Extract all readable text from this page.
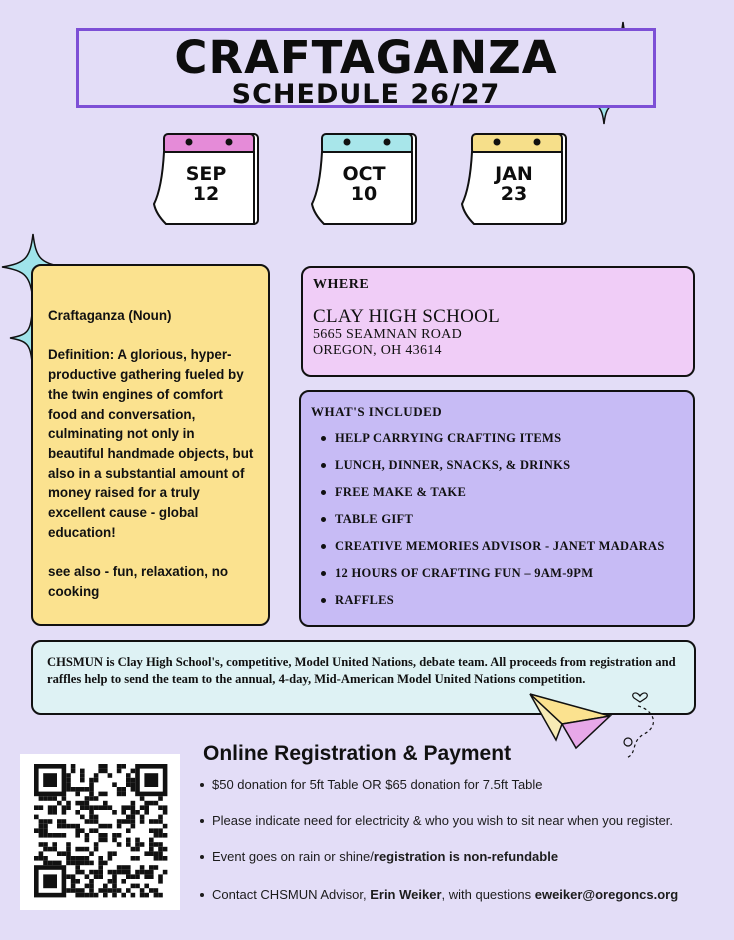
CRAFTAGANZA
SCHEDULE 26/27
SEP
12
OCT
10
JAN
23

Craftaganza (Noun)

Definition: A glorious, hyper-productive gathering fueled by the twin engines of comfort food and conversation, culminating not only in beautiful handmade objects, but also in a substantial amount of money raised for a truly excellent cause - global education!

see also - fun, relaxation, no cooking

WHERE
CLAY HIGH SCHOOL
5665 SEAMNAN ROAD
OREGON, OH 43614
WHAT'S INCLUDED
HELP CARRYING CRAFTING ITEMS
LUNCH, DINNER, SNACKS, & DRINKS
FREE MAKE & TAKE
TABLE GIFT
CREATIVE MEMORIES ADVISOR - JANET MADARAS
12 HOURS OF CRAFTING FUN – 9AM-9PM
RAFFLES
CHSMUN is Clay High School's, competitive, Model United Nations, debate team. All proceeds from registration and raffles help to send the team to the annual, 4-day, Mid-American Model United Nations competition.
Online Registration & Payment
$50 donation for 5ft Table OR $65 donation for 7.5ft Table
Please indicate need for electricity & who you wish to sit near when you register.
Event goes on rain or shine/registration is non-refundable
Contact CHSMUN Advisor, Erin Weiker, with questions eweiker@oregoncs.org
